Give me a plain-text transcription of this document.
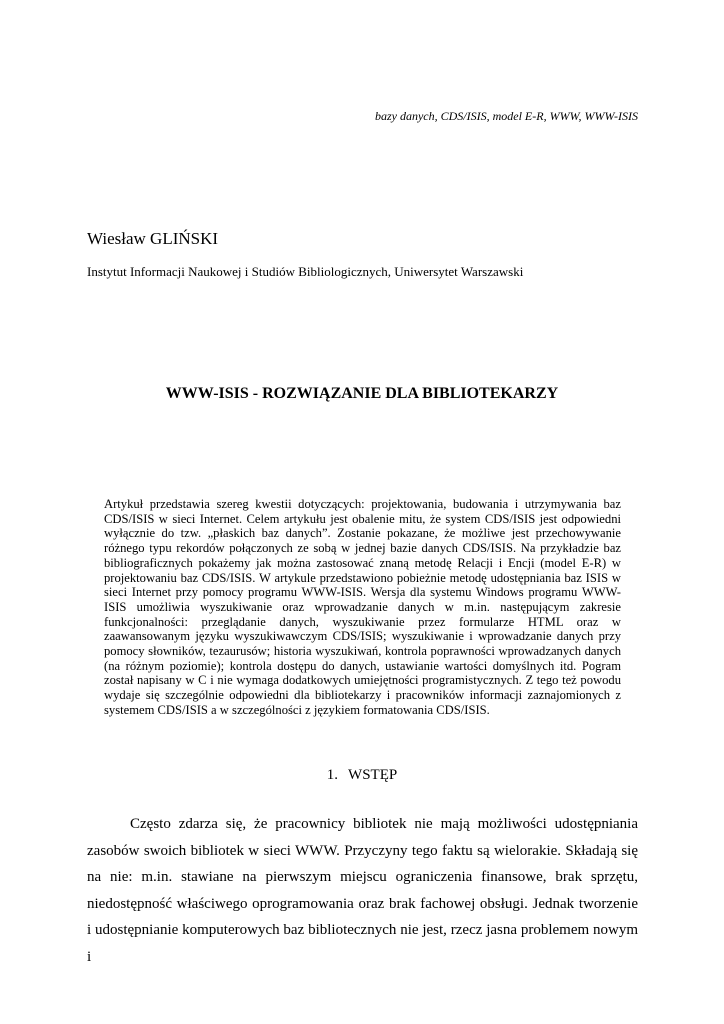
bazy danych, CDS/ISIS, model E-R, WWW, WWW-ISIS
Wiesław GLIŃSKI
Instytut Informacji Naukowej i Studiów Bibliologicznych, Uniwersytet Warszawski
WWW-ISIS - ROZWIĄZANIE DLA BIBLIOTEKARZY

Artykuł przedstawia szereg kwestii dotyczących: projektowania, budowania i utrzymywania baz CDS/ISIS w sieci Internet. Celem artykułu jest obalenie mitu, że system CDS/ISIS jest odpowiedni wyłącznie do tzw. „płaskich baz danych”. Zostanie pokazane, że możliwe jest przechowywanie różnego typu rekordów połączonych ze sobą w jednej bazie danych CDS/ISIS. Na przykładzie baz bibliograficznych pokażemy jak można zastosować znaną metodę Relacji i Encji (model E-R) w projektowaniu baz CDS/ISIS. W artykule przedstawiono pobieżnie metodę udostępniania baz ISIS w sieci Internet przy pomocy programu WWW-ISIS. Wersja dla systemu Windows programu WWW-ISIS umożliwia wyszukiwanie oraz wprowadzanie danych w m.in. następującym zakresie funkcjonalności: przeglądanie danych, wyszukiwanie przez formularze HTML oraz w zaawansowanym języku wyszukiwawczym CDS/ISIS; wyszukiwanie i wprowadzanie danych przy pomocy słowników, tezaurusów; historia wyszukiwań, kontrola poprawności wprowadzanych danych (na różnym poziomie); kontrola dostępu do danych, ustawianie wartości domyślnych itd. Pogram został napisany w C i nie wymaga dodatkowych umiejętności programistycznych. Z tego też powodu wydaje się szczególnie odpowiedni dla bibliotekarzy i pracowników informacji zaznajomionych z systemem CDS/ISIS a w szczególności z językiem formatowania CDS/ISIS.

1. WSTĘP

Często zdarza się, że pracownicy bibliotek nie mają możliwości udostępniania zasobów swoich bibliotek w sieci WWW. Przyczyny tego faktu są wielorakie. Składają się na nie: m.in. stawiane na pierwszym miejscu ograniczenia finansowe, brak sprzętu, niedostępność właściwego oprogramowania oraz brak fachowej obsługi. Jednak tworzenie i udostępnianie komputerowych baz bibliotecznych nie jest, rzecz jasna problemem nowym i
